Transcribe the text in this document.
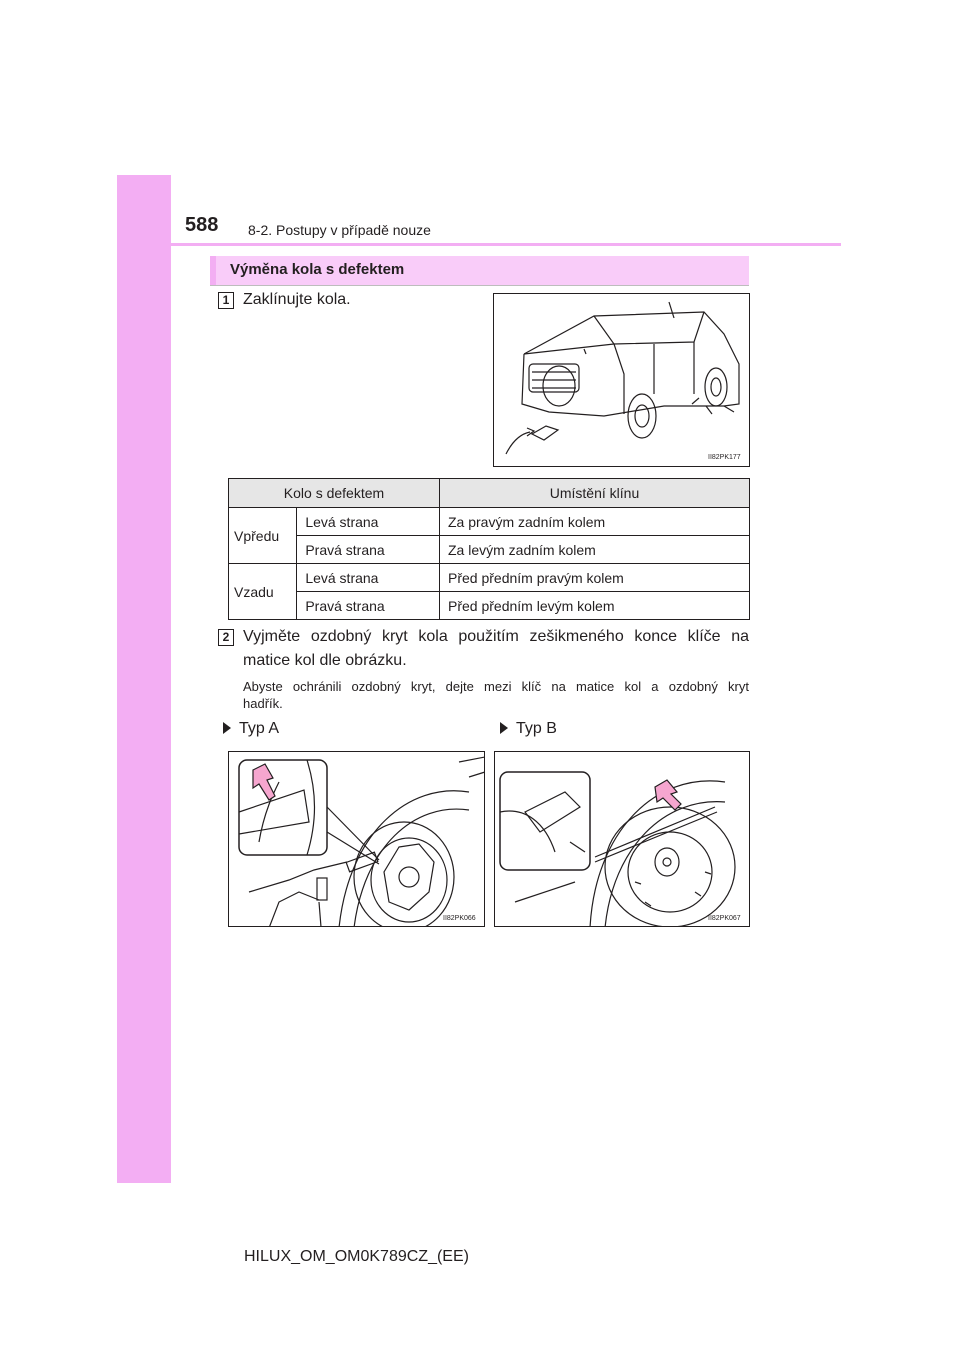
588 8-2. Postupy v případě nouze
Výměna kola s defektem
1 Zaklínujte kola.
II82PK177
Kolo s defektem		Umístění klínu
Vpředu	Levá strana	Za pravým zadním kolem
	Pravá strana	Za levým zadním kolem
Vzadu	Levá strana	Před předním pravým kolem
	Pravá strana	Před předním levým kolem
2 Vyjměte ozdobný kryt kola použitím zešikmeného konce klíče na
matice kol dle obrázku.
Abyste ochránili ozdobný kryt, dejte mezi klíč na matice kol a ozdobný kryt
hadřík.
Typ A	Typ B
II82PK066	II82PK067
HILUX_OM_OM0K789CZ_(EE)
